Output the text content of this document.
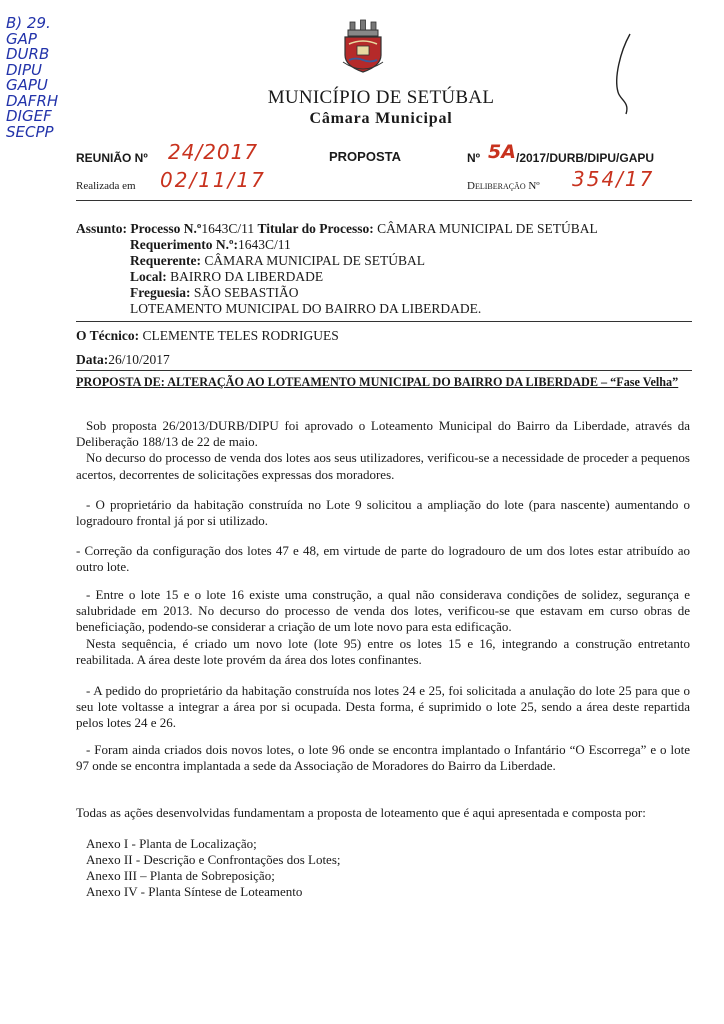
B) 29.
GAP
DURB
DIPU
GAPU
DAFRH
DIGEF
SECPP
MUNICÍPIO DE SETÚBAL
Câmara Municipal
REUNIÃO Nº 24/2017	PROPOSTA	Nº 5A /2017/DURB/DIPU/GAPU
Realizada em 02/11/17	Deliberação Nº 354/17
Assunto: Processo N.º1643C/11 Titular do Processo: CÂMARA MUNICIPAL DE SETÚBAL
Requerimento N.º:1643C/11
Requerente: CÂMARA MUNICIPAL DE SETÚBAL
Local: BAIRRO DA LIBERDADE
Freguesia: SÃO SEBASTIÃO
LOTEAMENTO MUNICIPAL DO BAIRRO DA LIBERDADE.
O Técnico: CLEMENTE TELES RODRIGUES
Data:26/10/2017
PROPOSTA DE: ALTERAÇÃO AO LOTEAMENTO MUNICIPAL DO BAIRRO DA LIBERDADE – “Fase Velha”

Sob proposta 26/2013/DURB/DIPU foi aprovado o Loteamento Municipal do Bairro da Liberdade, através da Deliberação 188/13 de 22 de maio.

No decurso do processo de venda dos lotes aos seus utilizadores, verificou-se a necessidade de proceder a pequenos acertos, decorrentes de solicitações expressas dos moradores.

- O proprietário da habitação construída no Lote 9 solicitou a ampliação do lote (para nascente) aumentando o logradouro frontal já por si utilizado.

- Correção da configuração dos lotes 47 e 48, em virtude de parte do logradouro de um dos lotes estar atribuído ao outro lote.

- Entre o lote 15 e o lote 16 existe uma construção, a qual não considerava condições de solidez, segurança e salubridade em 2013. No decurso do processo de venda dos lotes, verificou-se que estavam em curso obras de beneficiação, podendo-se considerar a criação de um lote novo para esta edificação.

Nesta sequência, é criado um novo lote (lote 95) entre os lotes 15 e 16, integrando a construção entretanto reabilitada. A área deste lote provém da área dos lotes confinantes.

- A pedido do proprietário da habitação construída nos lotes 24 e 25, foi solicitada a anulação do lote 25 para que o seu lote voltasse a integrar a área por si ocupada. Desta forma, é suprimido o lote 25, sendo a área deste repartida pelos lotes 24 e 26.

- Foram ainda criados dois novos lotes, o lote 96 onde se encontra implantado o Infantário “O Escorrega” e o lote 97 onde se encontra implantada a sede da Associação de Moradores do Bairro da Liberdade.

Todas as ações desenvolvidas fundamentam a proposta de loteamento que é aqui apresentada e composta por:

Anexo I - Planta de Localização;
Anexo II - Descrição e Confrontações dos Lotes;
Anexo III – Planta de Sobreposição;
Anexo IV - Planta Síntese de Loteamento
